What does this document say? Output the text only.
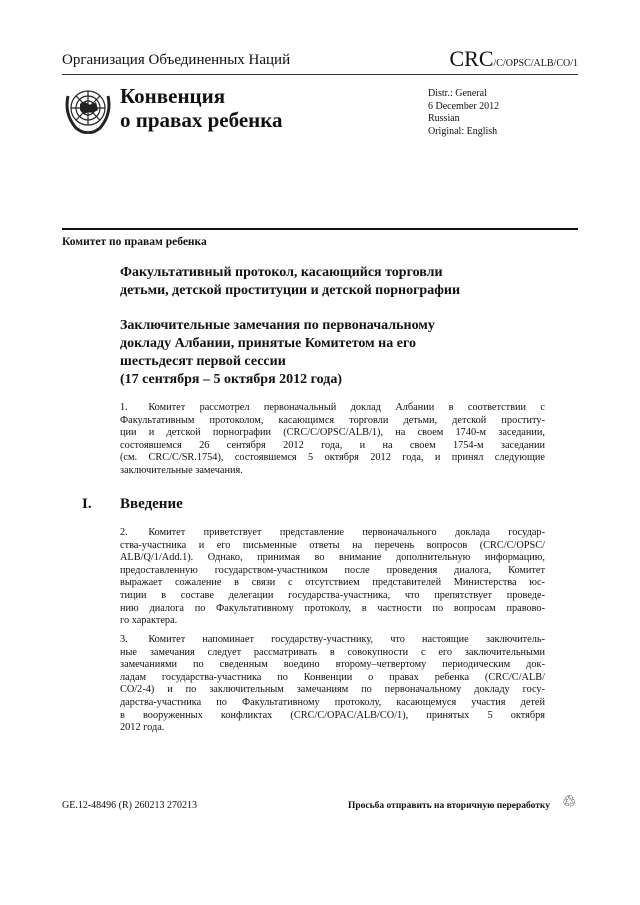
Организация Объединенных Наций	CRC/C/OPSC/ALB/CO/1
Конвенция
о правах ребенка
Distr.: General
6 December 2012
Russian
Original: English
Комитет по правам ребенка
Факультативный протокол, касающийся торговли
детьми, детской проституции и детской порнографии
Заключительные замечания по первоначальному
докладу Албании, принятые Комитетом на его
шестьдесят первой сессии
(17 сентября – 5 октября 2012 года)
1.  Комитет рассмотрел первоначальный доклад Албании в соответствии с
Факультативным протоколом, касающимся торговли детьми, детской проститу-
ции и детской порнографии (CRC/C/OPSC/ALB/1), на своем 1740-м заседании,
состоявшемся 26 сентября 2012 года, и на своем 1754-м заседании
(см. CRC/C/SR.1754), состоявшемся 5 октября 2012 года, и принял следующие
заключительные замечания.
I. Введение
2.  Комитет приветствует представление первоначального доклада государ-
ства-участника и его письменные ответы на перечень вопросов (CRC/C/OPSC/
ALB/Q/1/Add.1). Однако, принимая во внимание дополнительную информацию,
предоставленную государством-участником после проведения диалога, Комитет
выражает сожаление в связи с отсутствием представителей Министерства юс-
тиции в составе делегации государства-участника, что препятствует проведе-
нию диалога по Факультативному протоколу, в частности по вопросам правово-
го характера.
3.  Комитет напоминает государству-участнику, что настоящие заключитель-
ные замечания следует рассматривать в совокупности с его заключительными
замечаниями по сведенным воедино второму–четвертому периодическим док-
ладам государства-участника по Конвенции о правах ребенка (CRC/C/ALB/
CO/2-4) и по заключительным замечаниям по первоначальному докладу госу-
дарства-участника по Факультативному протоколу, касающемуся участия детей
в вооруженных конфликтах (CRC/C/OPAC/ALB/CO/1), принятых 5 октября
2012 года.
GE.12-48496 (R) 260213 270213	Просьба отправить на вторичную переработку ♲
